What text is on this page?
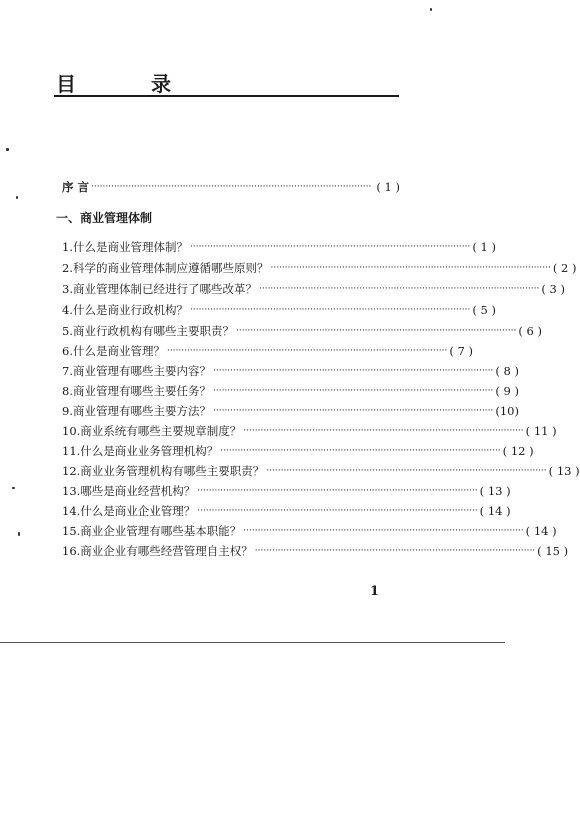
目 录
序 言 ·································································································· ( 1 )
一、商业管理体制
1.什么是商业管理体制？ ·································································································· ( 1 )
2.科学的商业管理体制应遵循哪些原则？ ·································································································· ( 2 )
3.商业管理体制已经进行了哪些改革？ ·································································································· ( 3 )
4.什么是商业行政机构？ ·································································································· ( 5 )
5.商业行政机构有哪些主要职责？ ·································································································· ( 6 )
6.什么是商业管理？ ·································································································· ( 7 )
7.商业管理有哪些主要内容？ ·································································································· ( 8 )
8.商业管理有哪些主要任务？ ·································································································· ( 9 )
9.商业管理有哪些主要方法？ ·································································································· (10)
10.商业系统有哪些主要规章制度？ ·································································································· ( 11 )
11.什么是商业业务管理机构？ ·································································································· ( 12 )
12.商业业务管理机构有哪些主要职责？ ·································································································· ( 13 )
13.哪些是商业经营机构？ ·································································································· ( 13 )
14.什么是商业企业管理？ ·································································································· ( 14 )
15.商业企业管理有哪些基本职能？ ·································································································· ( 14 )
16.商业企业有哪些经营管理自主权？ ·································································································· ( 15 )
1
